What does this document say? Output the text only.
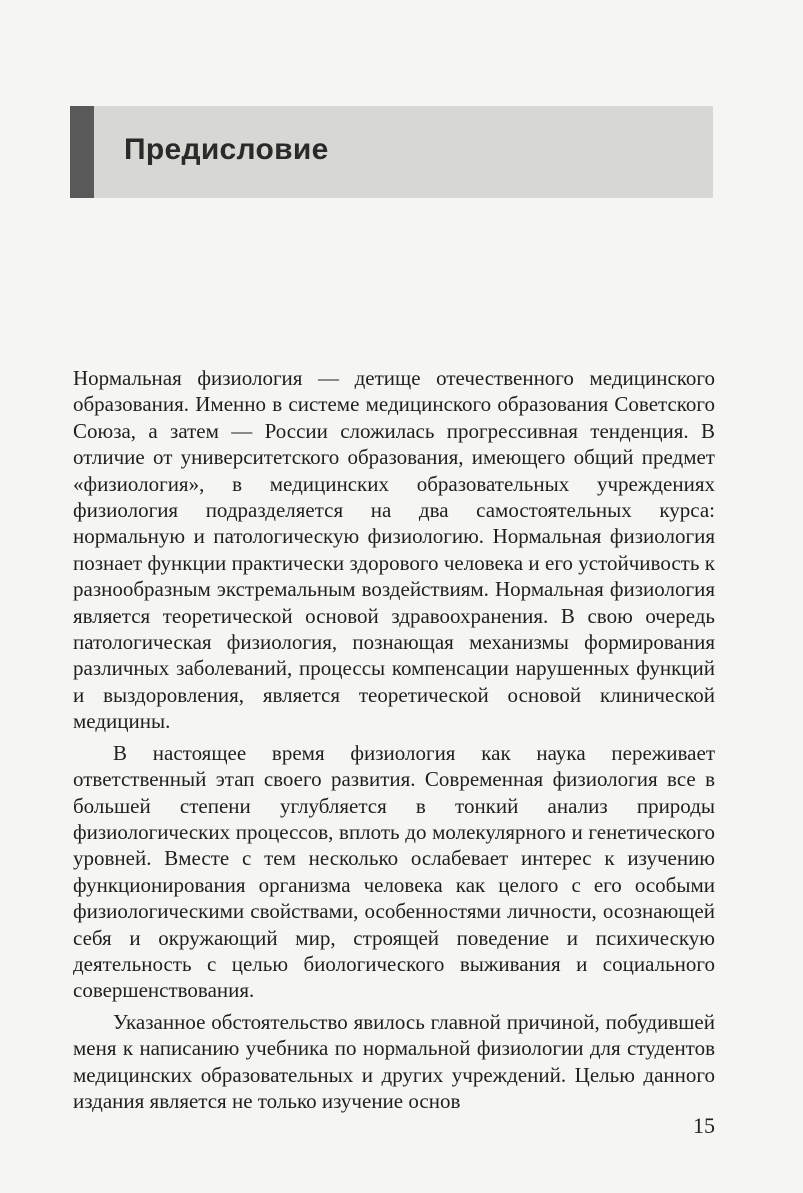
Предисловие

Нормальная физиология — детище отечественного медицинского образования. Именно в системе медицинского образования Советского Союза, а затем — России сложилась прогрессивная тенденция. В отличие от университетского образования, имеющего общий предмет «физиология», в медицинских образовательных учреждениях физиология подразделяется на два самостоятельных курса: нормальную и патологическую физиологию. Нормальная физиология познает функции практически здорового человека и его устойчивость к разнообразным экстремальным воздействиям. Нормальная физиология является теоретической основой здравоохранения. В свою очередь патологическая физиология, познающая механизмы формирования различных заболеваний, процессы компенсации нарушенных функций и выздоровления, является теоретической основой клинической медицины.

В настоящее время физиология как наука переживает ответственный этап своего развития. Современная физиология все в большей степени углубляется в тонкий анализ природы физиологических процессов, вплоть до молекулярного и генетического уровней. Вместе с тем несколько ослабевает интерес к изучению функционирования организма человека как целого с его особыми физиологическими свойствами, особенностями личности, осознающей себя и окружающий мир, строящей поведение и психическую деятельность с целью биологического выживания и социального совершенствования.

Указанное обстоятельство явилось главной причиной, побудившей меня к написанию учебника по нормальной физиологии для студентов медицинских образовательных и других учреждений. Целью данного издания является не только изучение основ

15
